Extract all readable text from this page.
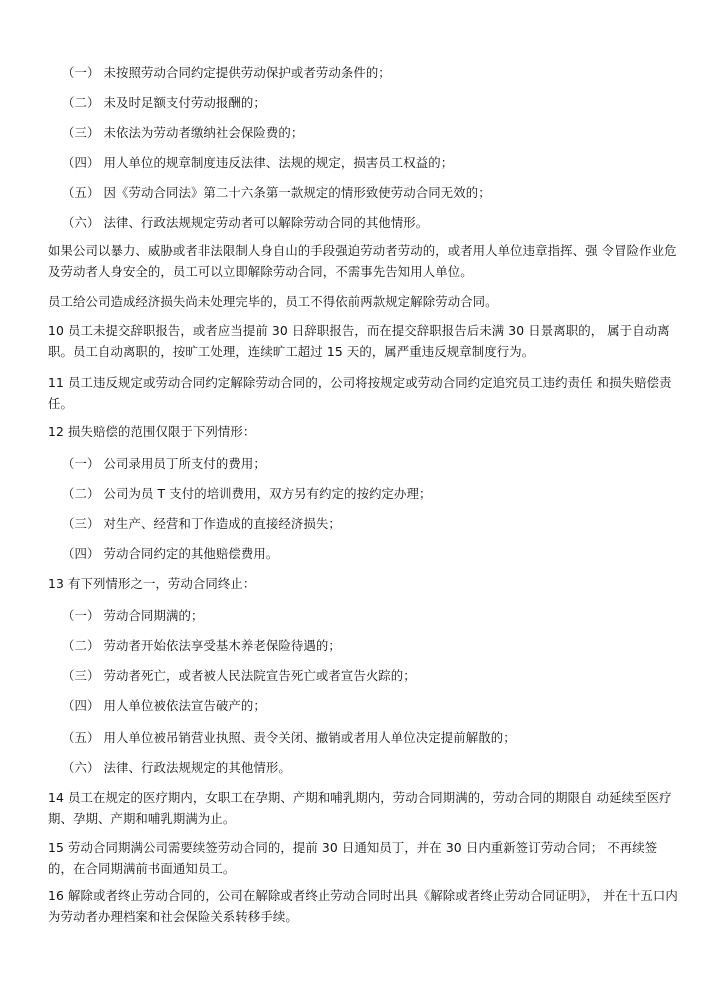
（一） 未按照劳动合同约定提供劳动保护或者劳动条件的；
（二） 未及时足额支付劳动报酬的；
（三） 未依法为劳动者缴纳社会保险费的；
（四） 用人单位的规章制度违反法律、法规的规定，损害员工权益的；
（五） 因《劳动合同法》第二十六条第一款规定的情形致使劳动合同无效的；
（六） 法律、行政法规规定劳动者可以解除劳动合同的其他情形。
如果公司以暴力、威胁或者非法限制人身自山的手段强迫劳动者劳动的，或者用人单位违章指挥、强 令冒险作业危及劳动者人身安全的，员工可以立即解除劳动合同，不需事先告知用人单位。
员工给公司造成经济损失尚未处理完毕的，员工不得依前两款规定解除劳动合同。
10 员工未提交辞职报告，或者应当提前 30 日辞职报告，而在提交辞职报告后未满 30 日景离职的， 属于自动离职。员工自动离职的，按旷工处理，连续旷工超过 15 天的，属严重违反规章制度行为。
11 员工违反规定或劳动合同约定解除劳动合同的，公司将按规定或劳动合同约定追究员工违约责任 和损失赔偿责任。
12 损失赔偿的范围仅限于下列情形：
（一） 公司录用员丁所支付的费用；
（二） 公司为员 T 支付的培训费用，双方另有约定的按约定办理；
（三） 对生产、经营和丁作造成的直接经济损失；
（四） 劳动合同约定的其他赔偿费用。
13 有下列情形之一，劳动合同终止：
（一） 劳动合同期满的；
（二） 劳动者开始依法享受基木养老保险待遇的；
（三） 劳动者死亡，或者被人民法院宣告死亡或者宣告火踪的；
（四） 用人单位被依法宣告破产的；
（五） 用人单位被吊销营业执照、责令关闭、撤销或者用人单位决定提前解散的；
（六） 法律、行政法规规定的其他情形。
14 员工在规定的医疗期内，女职工在孕期、产期和哺乳期内，劳动合同期满的，劳动合同的期限自 动延续至医疗期、孕期、产期和哺乳期满为止。
15 劳动合同期满公司需要续签劳动合同的，提前 30 日通知员丁，并在 30 日内重新签订劳动合同； 不再续签的，在合同期满前书面通知员工。
16 解除或者终止劳动合同的，公司在解除或者终止劳动合同时出具《解除或者终止劳动合同证明》， 并在十五口内为劳动者办理档案和社会保险关系转移手续。
